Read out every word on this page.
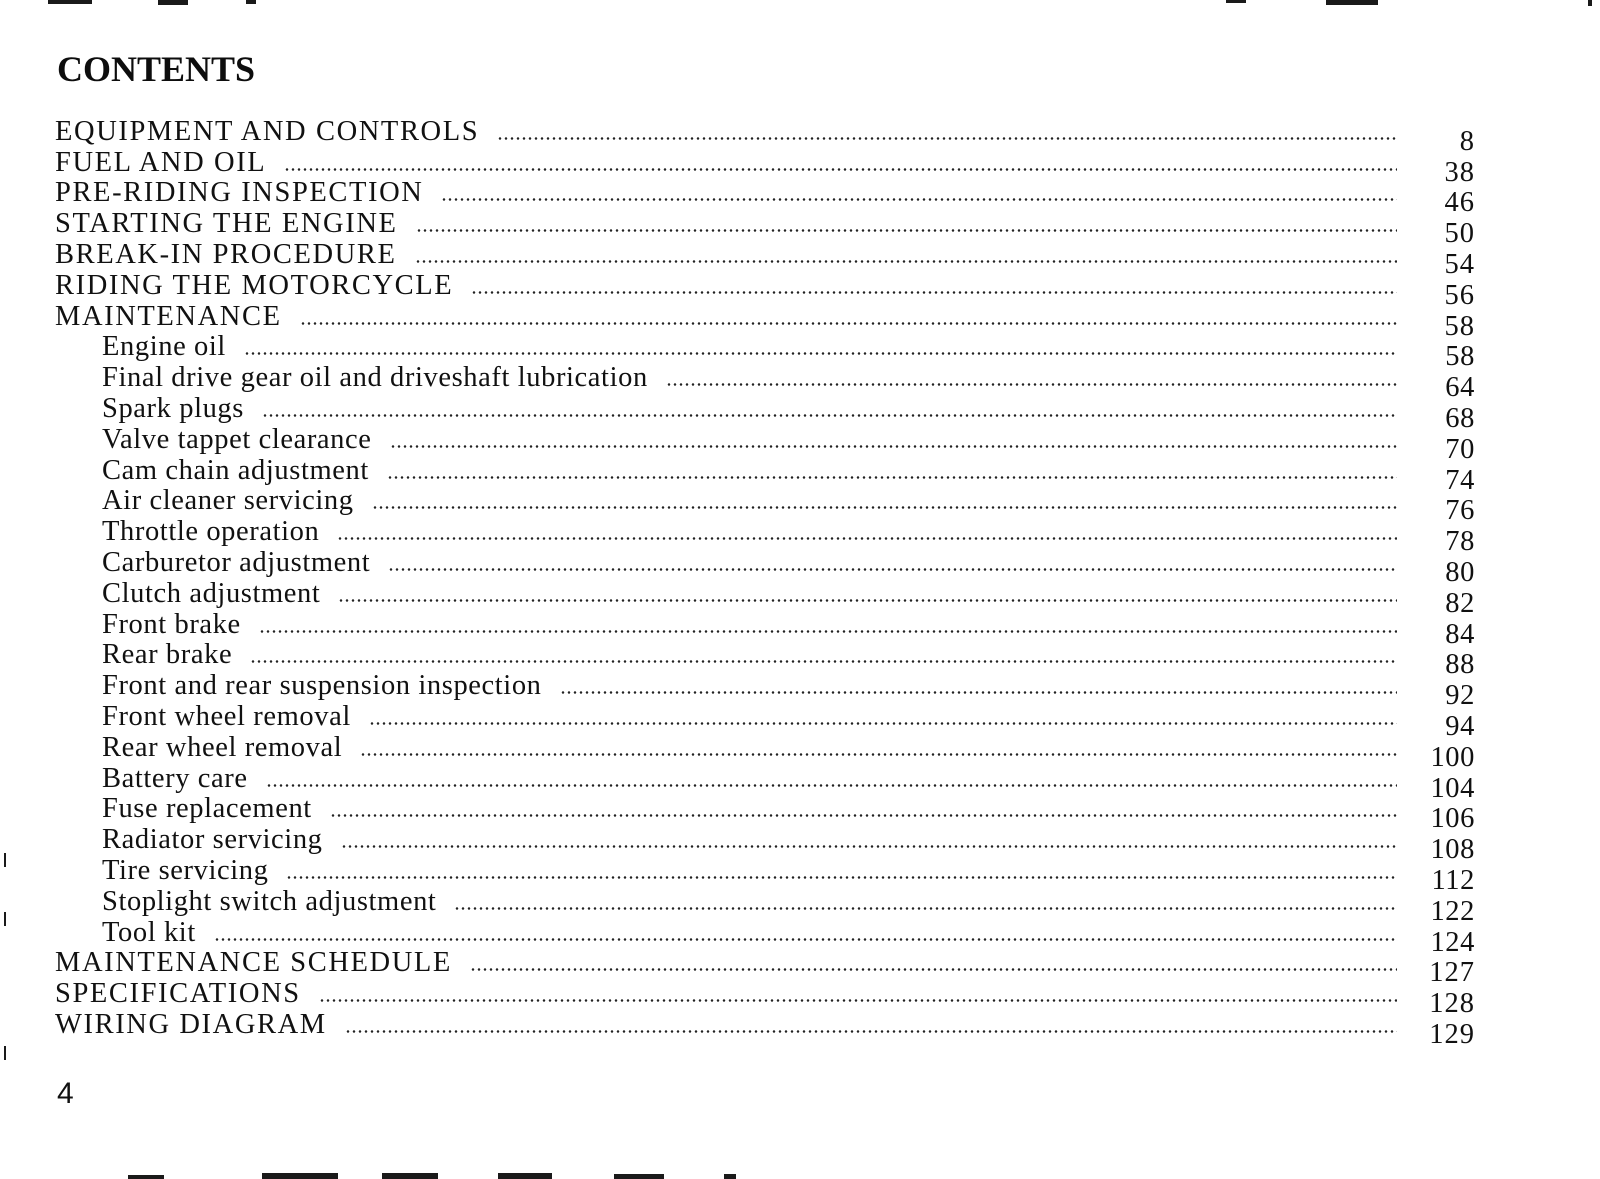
CONTENTS
EQUIPMENT AND CONTROLS	8
FUEL AND OIL	38
PRE-RIDING INSPECTION	46
STARTING THE ENGINE	50
BREAK-IN PROCEDURE	54
RIDING THE MOTORCYCLE	56
MAINTENANCE	58
Engine oil	58
Final drive gear oil and driveshaft lubrication	64
Spark plugs	68
Valve tappet clearance	70
Cam chain adjustment	74
Air cleaner servicing	76
Throttle operation	78
Carburetor adjustment	80
Clutch adjustment	82
Front brake	84
Rear brake	88
Front and rear suspension inspection	92
Front wheel removal	94
Rear wheel removal	100
Battery care	104
Fuse replacement	106
Radiator servicing	108
Tire servicing	112
Stoplight switch adjustment	122
Tool kit	124
MAINTENANCE SCHEDULE	127
SPECIFICATIONS	128
WIRING DIAGRAM	129
4
